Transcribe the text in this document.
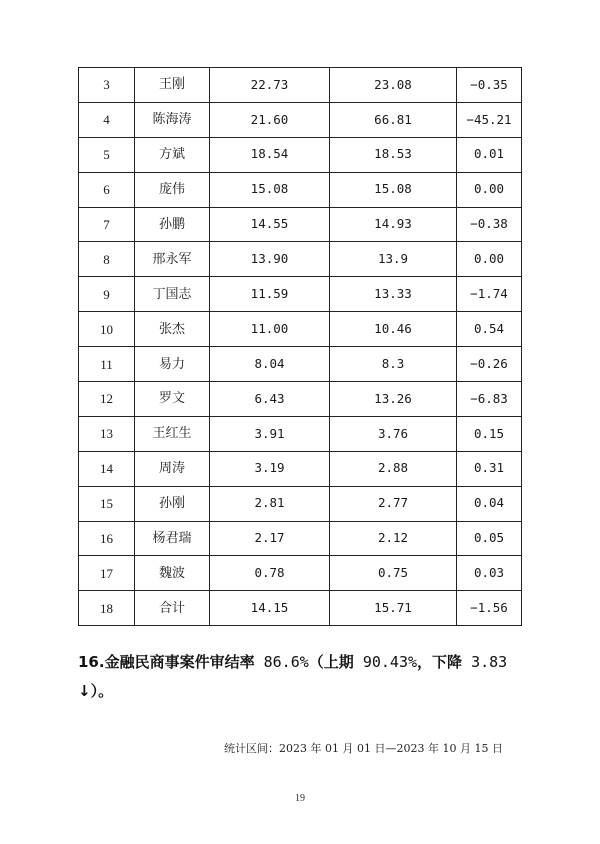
3	王刚	22.73	23.08	−0.35
4	陈海涛	21.60	66.81	−45.21
5	方斌	18.54	18.53	0.01
6	庞伟	15.08	15.08	0.00
7	孙鹏	14.55	14.93	−0.38
8	邢永军	13.90	13.9	0.00
9	丁国志	11.59	13.33	−1.74
10	张杰	11.00	10.46	0.54
11	易力	8.04	8.3	−0.26
12	罗文	6.43	13.26	−6.83
13	王红生	3.91	3.76	0.15
14	周涛	3.19	2.88	0.31
15	孙刚	2.81	2.77	0.04
16	杨君瑞	2.17	2.12	0.05
17	魏波	0.78	0.75	0.03
18	合计	14.15	15.71	−1.56
16.金融民商事案件审结率 86.6%（上期 90.43%，下降 3.83
↓）。
统计区间：2023 年 01 月 01 日—2023 年 10 月 15 日
19
